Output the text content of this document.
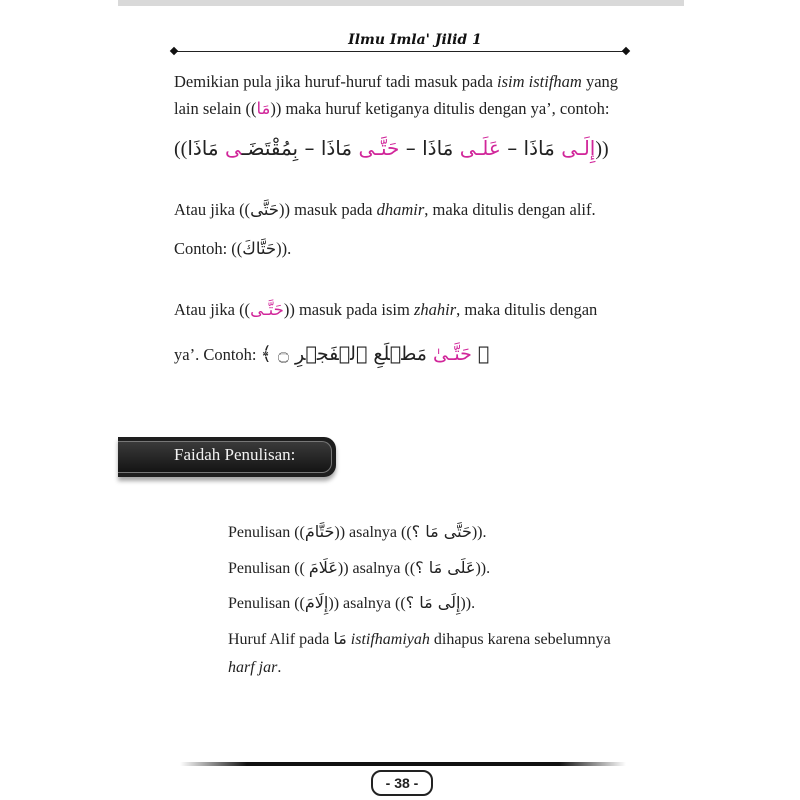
Ilmu Imla' Jilid 1

Demikian pula jika huruf-huruf tadi masuk pada isim istifham yang lain selain ((مَا)) maka huruf ketiganya ditulis dengan ya’, contoh:

((	إِلَـى مَاذَا – عَلَـى مَاذَا – حَتَّـى مَاذَا – بِمُقْتَضَـى مَاذَا	))

Atau jika ((حَتَّى)) masuk pada dhamir, maka ditulis dengan alif.

Contoh: ((حَتَّاكَ)).

Atau jika ((حَتَّـى)) masuk pada isim zhahir, maka ditulis dengan

ya’. Contoh:	﴿ حَتَّـىٰ مَطۡلَعِ ٱلۡفَجۡرِ ۝ ﴾

Faidah Penulisan:

Penulisan ((حَتَّامَ)) asalnya ((حَتَّى مَا ؟)).

Penulisan (( عَلَامَ)) asalnya ((عَلَى مَا ؟)).

Penulisan ((إِلَامَ)) asalnya ((إِلَى مَا ؟)).

Huruf Alif pada مَا istifhamiyah dihapus karena sebelumnya

harf jar.

- 38 -
